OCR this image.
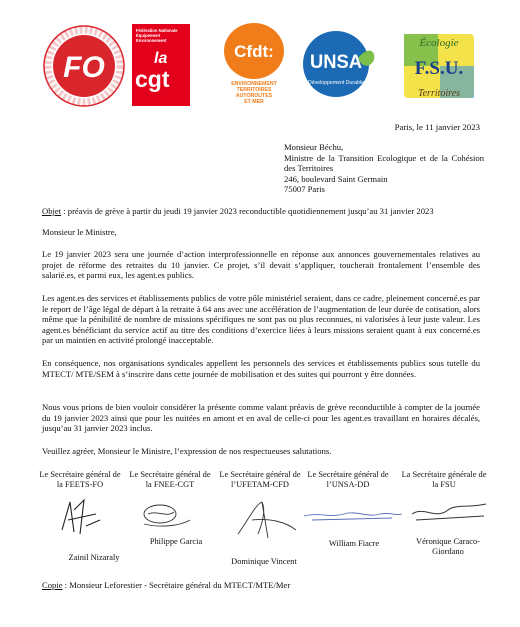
FO
Fédération Nationale Équipement Environnement
la
cgt
Cfdt:
ENVIRONNEMENT
TERRITOIRES
AUTOROUTES
ET MER
UNSA
Développement Durable
Écologie
F.S.U.
Territoires
Paris, le 11 janvier 2023
Monsieur Béchu,
Ministre de la Transition Ecologique et de la Cohésion des Territoires
246, boulevard Saint Germain
75007 Paris
Objet : préavis de grève à partir du jeudi 19 janvier 2023 reconductible quotidiennement jusqu’au 31 janvier 2023
Monsieur le Ministre,
Le 19 janvier 2023 sera une journée d’action interprofessionnelle en réponse aux annonces gouvernementales relatives au projet de réforme des retraites du 10 janvier. Ce projet, s’il devait s’appliquer, toucherait frontalement l’ensemble des salarié.es, et parmi eux, les agent.es publics.
Les agent.es des services et établissements publics de votre pôle ministériel seraient, dans ce cadre, pleinement concerné.es par le report de l’âge légal de départ à la retraite à 64 ans avec une accélération de l’augmentation de leur durée de cotisation, alors même que la pénibilité de nombre de missions spécifiques ne sont pas ou plus reconnues, ni valorisées à leur juste valeur. Les agent.es bénéficiant du service actif au titre des conditions d’exercice liées à leurs missions seraient quant à eux concerné.es par un maintien en activité prolongé inacceptable.
En conséquence, nos organisations syndicales appellent les personnels des services et établissements publics sous tutelle du MTECT/ MTE/SEM à s’inscrire dans cette journée de mobilisation et des suites qui pourront y être données.
Nous vous prions de bien vouloir considérer la présente comme valant préavis de grève reconductible à compter de la journée du 19 janvier 2023 ainsi que pour les nuitées en amont et en aval de celle-ci pour les agent.es travaillant en horaires décalés, jusqu’au 31 janvier 2023 inclus.
Veuillez agréer, Monsieur le Ministre, l’expression de nos respectueuses salutations.
Le Secrétaire général de la FEETS-FO
Le Secrétaire général de la FNEE-CGT
Le Secrétaire général de l’UFETAM-CFD
Le Secrétaire général de l’UNSA-DD
La Secrétaire générale de la FSU
Zainil Nizaraly
Philippe Garcia
Dominique Vincent
William Fiacre	Véronique Caraco-Giordano
Copie : Monsieur Leforestier - Secrétaire général du MTECT/MTE/Mer
